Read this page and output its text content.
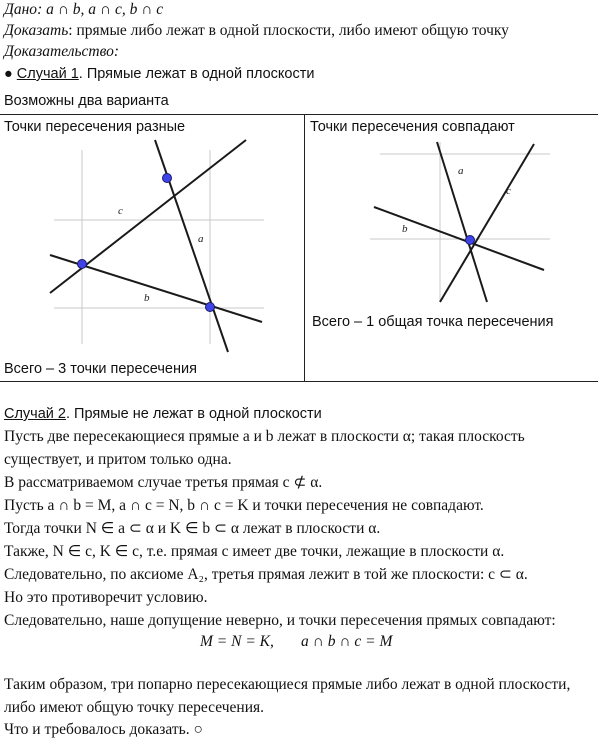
Дано: a ∩ b, a ∩ c, b ∩ c
Доказать: прямые либо лежат в одной плоскости, либо имеют общую точку
Доказательство:
● Случай 1. Прямые лежат в одной плоскости
Возможны два варианта
Точки пересечения разные	Точки пересечения совпадают
Всего – 3 точки пересечения
Всего – 1 общая точка пересечения
c
a
b
a
c
b
Случай 2. Прямые не лежат в одной плоскости
Пусть две пересекающиеся прямые a и b лежат в плоскости α; такая плоскость
существует, и притом только одна.
В рассматриваемом случае третья прямая c ⊄ α.
Пусть a ∩ b = M, a ∩ c = N, b ∩ c = K и точки пересечения не совпадают.
Тогда точки N ∈ a ⊂ α и K ∈ b ⊂ α лежат в плоскости α.
Также, N ∈ c, K ∈ c, т.е. прямая c имеет две точки, лежащие в плоскости α.
Следовательно, по аксиоме A₂, третья прямая лежит в той же плоскости: c ⊂ α.
Но это противоречит условию.
Следовательно, наше допущение неверно, и точки пересечения прямых совпадают:
M = N = K,       a ∩ b ∩ c = M
Таким образом, три попарно пересекающиеся прямые либо лежат в одной плоскости,
либо имеют общую точку пересечения.
Что и требовалось доказать. ○
